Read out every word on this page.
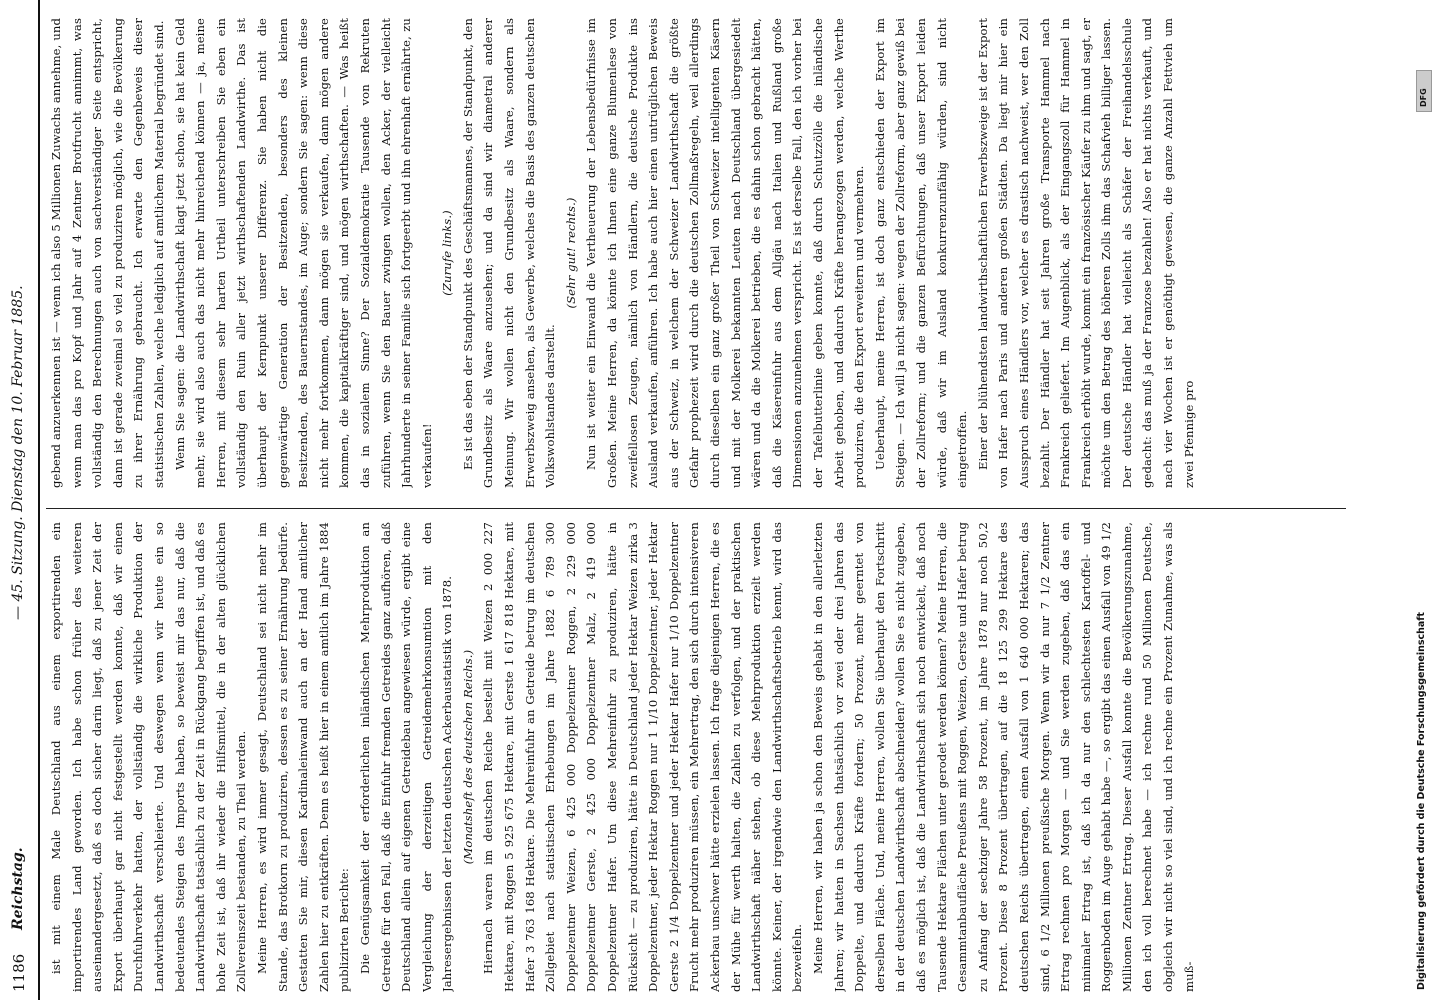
1186
Reichstag.
— 45. Sitzung. Dienstag den 10. Februar 1885.

ist mit einem Male Deutschland aus einem exportirenden ein importirendes Land geworden. Ich habe schon früher des weiteren auseinandergesetzt, daß es doch sicher darin liegt, daß zu jener Zeit der Export überhaupt gar nicht festgestellt werden konnte, daß wir einen Durchfuhrverkehr hatten, der vollständig die wirkliche Produktion der Landwirthschaft verschleierte. Und deswegen wenn wir heute ein so bedeutendes Steigen des Imports haben, so beweist mir das nur, daß die Landwirthschaft tatsächlich zu der Zeit in Rückgang begriffen ist, und daß es hohe Zeit ist, daß ihr wieder die Hilfsmittel, die in der alten glücklichen Zollvereinszeit bestanden, zu Theil werden. Meine Herren, es wird immer gesagt, Deutschland sei nicht mehr im Stande, das Brotkorn zu produziren, dessen es zu seiner Ernährung bedürfe. Gestatten Sie mir, diesen Kardinaleinwand auch an der Hand amtlicher Zahlen hier zu entkräften. Denn es heißt hier in einem amtlich im Jahre 1884 publizirten Berichte: Die Genügsamkeit der erforderlichen inländischen Mehrproduktion an Getreide für den Fall, daß die Einfuhr fremden Getreides ganz aufhören, daß Deutschland allein auf eigenen Getreidebau angewiesen würde, ergibt eine Vergleichung der derzeitigen Getreidemehrkonsumtion mit den Jahresergebnissen der letzten deutschen Ackerbaustatistik von 1878. (Monatsheft des deutschen Reichs.) Hiernach waren im deutschen Reiche bestellt mit Weizen 2 000 227 Hektare, mit Roggen 5 925 675 Hektare, mit Gerste 1 617 818 Hektare, mit Hafer 3 763 168 Hektare. Die Mehreinfuhr an Getreide betrug im deutschen Zollgebiet nach statistischen Erhebungen im Jahre 1882 6 789 300 Doppelzentner Weizen, 6 425 000 Doppelzentner Roggen, 2 229 000 Doppelzentner Gerste, 2 425 000 Doppelzentner Malz, 2 419 000 Doppelzentner Hafer. Um diese Mehreinfuhr zu produziren, hätte in Rücksicht — zu produziren, hätte in Deutschland jeder Hektar Weizen zirka 3 Doppelzentner, jeder Hektar Roggen nur 1 1/10 Doppelzentner, jeder Hektar Gerste 2 1/4 Doppelzentner und jeder Hektar Hafer nur 1/10 Doppelzentner Frucht mehr produziren müssen, ein Mehrertrag, den sich durch intensiveren Ackerbau unschwer hätte erzielen lassen. Ich frage diejenigen Herren, die es der Mühe für werth halten, die Zahlen zu verfolgen, und der praktischen Landwirthschaft näher stehen, ob diese Mehrproduktion erzielt werden könnte. Keiner, der irgendwie den Landwirthschaftsbetrieb kennt, wird das bezweifeln. Meine Herren, wir haben ja schon den Beweis gehabt in den allerletzten Jahren; wir hatten in Sachsen thatsächlich vor zwei oder drei Jahren das Doppelte, und dadurch Kräfte fordern; 50 Prozent, mehr geerntet von derselben Fläche. Und, meine Herren, wollen Sie überhaupt den Fortschritt in der deutschen Landwirthschaft abschneiden? wollen Sie es nicht zugeben, daß es möglich ist, daß die Landwirthschaft sich noch entwickelt, daß noch Tausende Hektare Flächen unter gerodet werden können? Meine Herren, die Gesammtanbaufläche Preußens mit Roggen, Weizen, Gerste und Hafer betrug zu Anfang der sechziger Jahre 58 Prozent, im Jahre 1878 nur noch 50,2 Prozent. Diese 8 Prozent übertragen, auf die 18 125 299 Hektare des deutschen Reichs übertragen, einen Ausfall von 1 640 000 Hektaren; das sind, 6 1/2 Millionen preußische Morgen. Wenn wir da nur 7 1/2 Zentner Ertrag rechnen pro Morgen — und Sie werden zugeben, daß das ein minimaler Ertrag ist, daß ich da nur den schlechtesten Kartoffel- und Roggenboden im Auge gehabt habe —, so ergibt das einen Ausfall von 49 1/2 Millionen Zentner Ertrag. Dieser Ausfall konnte die Bevölkerungszunahme, den ich voll berechnet habe — ich rechne rund 50 Millionen Deutsche, obgleich wir nicht so viel sind, und ich rechne ein Prozent Zunahme, was als muß-

gebend anzuerkennen ist — wenn ich also 5 Millionen Zuwachs annehme, und wenn man das pro Kopf und Jahr auf 4 Zentner Brotfrucht annimmt, was vollständig den Berechnungen auch von sachverständiger Seite entspricht, dann ist gerade zweimal so viel zu produziren möglich, wie die Bevölkerung zu ihrer Ernährung gebraucht. Ich erwarte den Gegenbeweis dieser statistischen Zahlen, welche lediglich auf amtlichem Material begründet sind. Wenn Sie sagen: die Landwirthschaft klagt jetzt schon, sie hat kein Geld mehr, sie wird also auch das nicht mehr hinreichend können — ja, meine Herren, mit diesem sehr harten Urtheil unterschreiben Sie eben ein vollständig den Ruin aller jetzt wirthschaftenden Landwirthe. Das ist überhaupt der Kernpunkt unserer Differenz. Sie haben nicht die gegenwärtige Generation der Besitzenden, besonders des kleinen Besitzenden, des Bauernstandes, im Auge; sondern Sie sagen: wenn diese nicht mehr fortkommen, dann mögen sie verkaufen, dann mögen andere kommen, die kapitalkräftiger sind, und mögen wirthschaften. — Was heißt das in sozialem Sinne? Der Sozialdemokratie Tausende von Rekruten zuführen, wenn Sie den Bauer zwingen wollen, den Acker, der vielleicht Jahrhunderte in seiner Familie sich fortgeerbt und ihn ehrenhaft ernährte, zu verkaufen!

(Zurufe links.) Es ist das eben der Standpunkt des Geschäftsmannes, der Standpunkt, den Grundbesitz als Waare anzusehen; und da sind wir diametral anderer Meinung. Wir wollen nicht den Grundbesitz als Waare, sondern als Erwerbszweig ansehen, als Gewerbe, welches die Basis des ganzen deutschen Volkswohlstandes darstellt.

(Sehr gut! rechts.) Nun ist weiter ein Einwand die Vertheuerung der Lebensbedürfnisse im Großen. Meine Herren, da könnte ich Ihnen eine ganze Blumenlese von zweifellosen Zeugen, nämlich von Händlern, die deutsche Produkte ins Ausland verkaufen, anführen. Ich habe auch hier einen untrüglichen Beweis aus der Schweiz, in welchem der Schweizer Landwirthschaft die größte Gefahr prophezeit wird durch die deutschen Zollmaßregeln, weil allerdings durch dieselben ein ganz großer Theil von Schweizer intelligenten Käsern und mit der Molkerei bekannten Leuten nach Deutschland übergesiedelt wären und da die Molkerei betrieben, die es dahin schon gebracht hätten, daß die Käsereinfuhr aus dem Allgäu nach Italien und Rußland große Dimensionen anzunehmen verspricht. Es ist derselbe Fall, den ich vorher bei der Tafelbutterlinie geben konnte, daß durch Schutzzölle die inländische Arbeit gehoben, und dadurch Kräfte herangezogen werden, welche Werthe produziren, die den Export erweitern und vermehren. Ueberhaupt, meine Herren, ist doch ganz entschieden der Export im Steigen. — Ich will ja nicht sagen: wegen der Zollreform, aber ganz gewiß bei der Zollreform; und die ganzen Befürchtungen, daß unser Export leiden würde, daß wir im Ausland konkurrenzunfähig würden, sind nicht eingetroffen. Einer der blühendsten landwirthschaftlichen Erwerbszweige ist der Export von Hafer nach Paris und anderen großen Städten. Da liegt mir hier ein Ausspruch eines Händlers vor, welcher es drastisch nachweist, wer den Zoll bezahlt. Der Händler hat seit Jahren große Transporte Hammel nach Frankreich geliefert. Im Augenblick, als der Eingangszoll für Hammel in Frankreich erhöht wurde, kommt ein französischer Käufer zu ihm und sagt, er möchte um den Betrag des höheren Zolls ihm das Schafvieh billiger lassen. Der deutsche Händler hat vielleicht als Schäfer der Freihandelsschule gedacht: das muß ja der Franzose bezahlen! Also er hat nichts verkauft, und nach vier Wochen ist er genöthigt gewesen, die ganze Anzahl Fettvieh um zwei Pfennige pro

Digitalisierung gefördert durch die Deutsche Forschungsgemeinschaft
DFG
